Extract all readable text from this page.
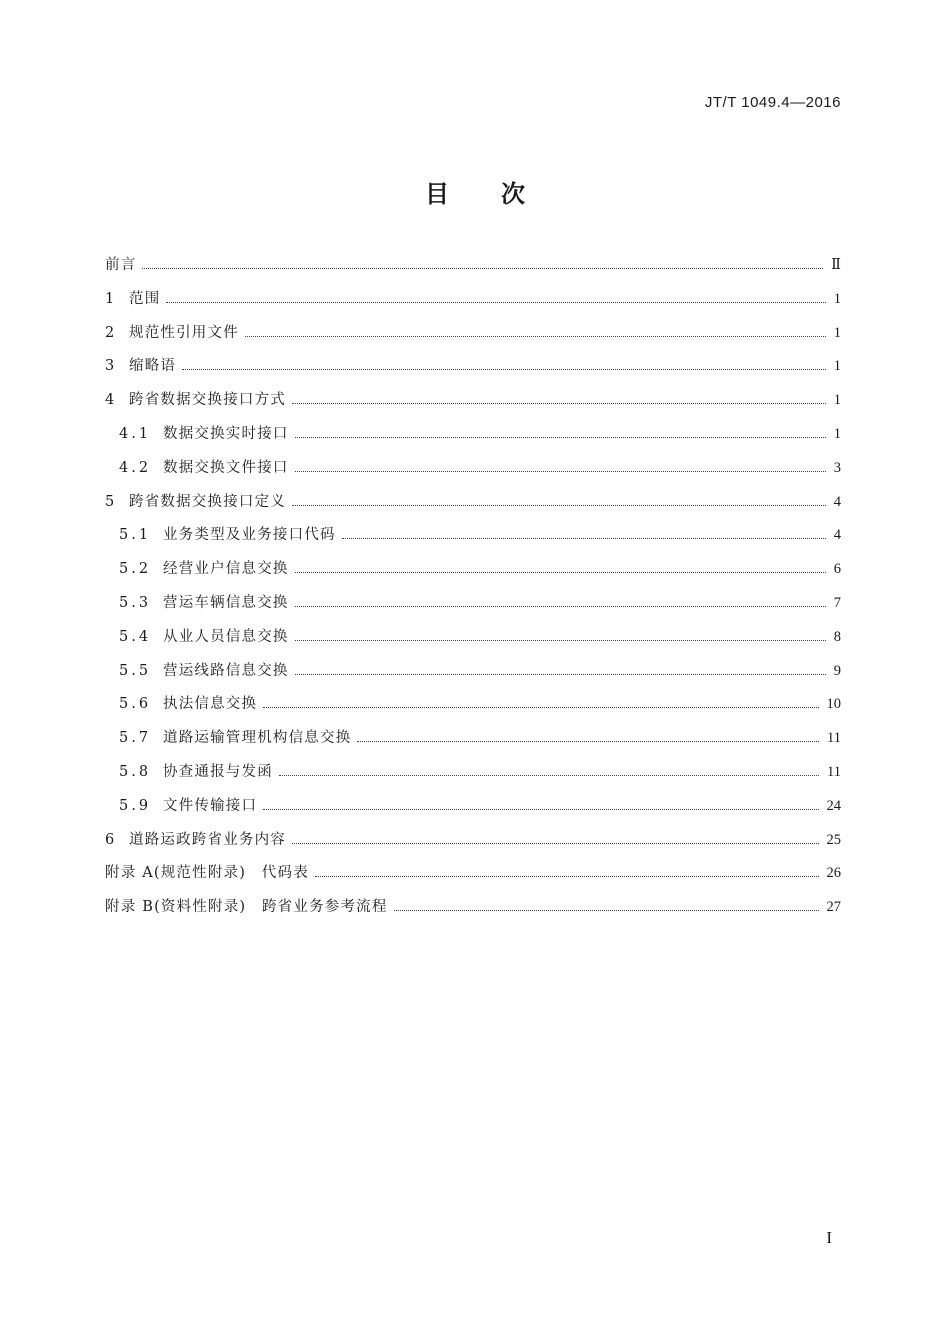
JT/T 1049.4—2016
目 次
前言	Ⅱ
1 范围	1
2 规范性引用文件	1
3 缩略语	1
4 跨省数据交换接口方式	1
4.1 数据交换实时接口	1
4.2 数据交换文件接口	3
5 跨省数据交换接口定义	4
5.1 业务类型及业务接口代码	4
5.2 经营业户信息交换	6
5.3 营运车辆信息交换	7
5.4 从业人员信息交换	8
5.5 营运线路信息交换	9
5.6 执法信息交换	10
5.7 道路运输管理机构信息交换	11
5.8 协查通报与发函	11
5.9 文件传输接口	24
6 道路运政跨省业务内容	25
附录 A(规范性附录)　代码表	26
附录 B(资料性附录)　跨省业务参考流程	27
I
